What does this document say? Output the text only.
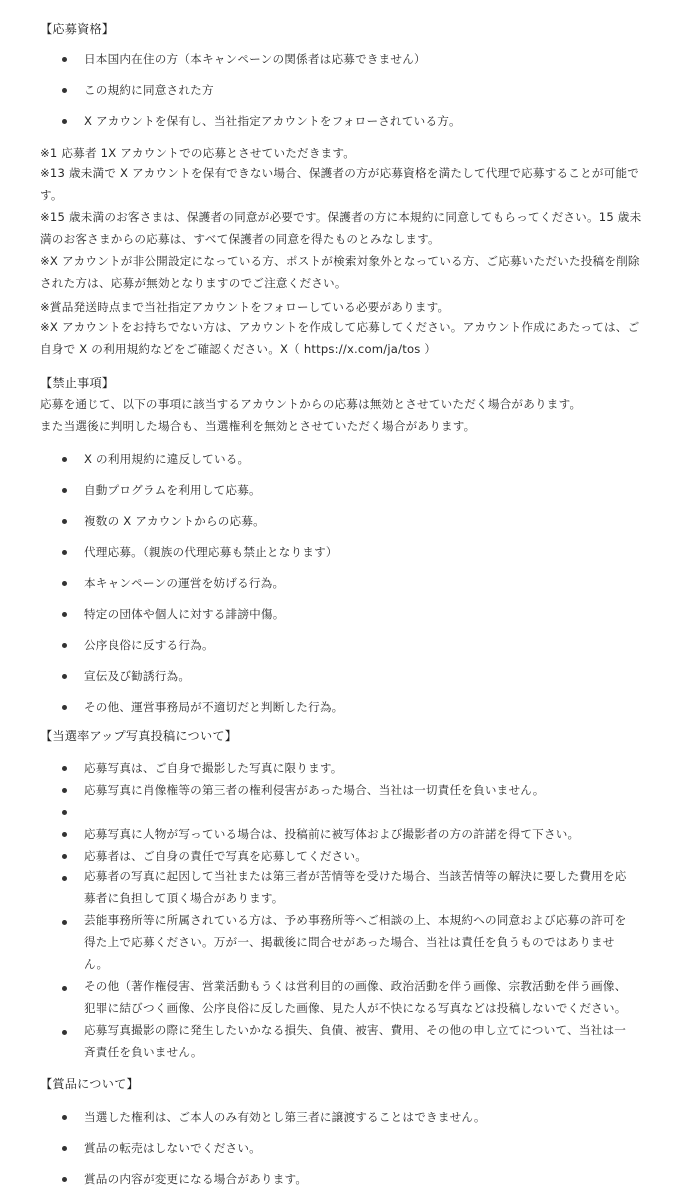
【応募資格】
日本国内在住の方（本キャンペーンの関係者は応募できません）
この規約に同意された方
X アカウントを保有し、当社指定アカウントをフォローされている方。
※1 応募者 1X アカウントでの応募とさせていただきます。
※13 歳未満で X アカウントを保有できない場合、保護者の方が応募資格を満たして代理で応募することが可能です。
※15 歳未満のお客さまは、保護者の同意が必要です。保護者の方に本規約に同意してもらってください。15 歳未満のお客さまからの応募は、すべて保護者の同意を得たものとみなします。
※X アカウントが非公開設定になっている方、ポストが検索対象外となっている方、ご応募いただいた投稿を削除された方は、応募が無効となりますのでご注意ください。
※賞品発送時点まで当社指定アカウントをフォローしている必要があります。
※X アカウントをお持ちでない方は、アカウントを作成して応募してください。アカウント作成にあたっては、ご自身で X の利用規約などをご確認ください。X（ https://x.com/ja/tos ）
【禁止事項】
応募を通じて、以下の事項に該当するアカウントからの応募は無効とさせていただく場合があります。
また当選後に判明した場合も、当選権利を無効とさせていただく場合があります。
X の利用規約に違反している。
自動プログラムを利用して応募。
複数の X アカウントからの応募。
代理応募。（親族の代理応募も禁止となります）
本キャンペーンの運営を妨げる行為。
特定の団体や個人に対する誹謗中傷。
公序良俗に反する行為。
宣伝及び勧誘行為。
その他、運営事務局が不適切だと判断した行為。
【当選率アップ写真投稿について】
応募写真は、ご自身で撮影した写真に限ります。
応募写真に肖像権等の第三者の権利侵害があった場合、当社は一切責任を負いません。
応募写真に人物が写っている場合は、投稿前に被写体および撮影者の方の許諾を得て下さい。
応募者は、ご自身の責任で写真を応募してください。
応募者の写真に起因して当社または第三者が苦情等を受けた場合、当該苦情等の解決に要した費用を応募者に負担して頂く場合があります。
芸能事務所等に所属されている方は、予め事務所等へご相談の上、本規約への同意および応募の許可を得た上で応募ください。万が一、掲載後に問合せがあった場合、当社は責任を負うものではありません。
その他（著作権侵害、営業活動もうくは営利目的の画像、政治活動を伴う画像、宗教活動を伴う画像、犯罪に結びつく画像、公序良俗に反した画像、見た人が不快になる写真などは投稿しないでください。
応募写真撮影の際に発生したいかなる損失、負債、被害、費用、その他の申し立てについて、当社は一斉責任を負いません。
【賞品について】
当選した権利は、ご本人のみ有効とし第三者に譲渡することはできません。
賞品の転売はしないでください。
賞品の内容が変更になる場合があります。
